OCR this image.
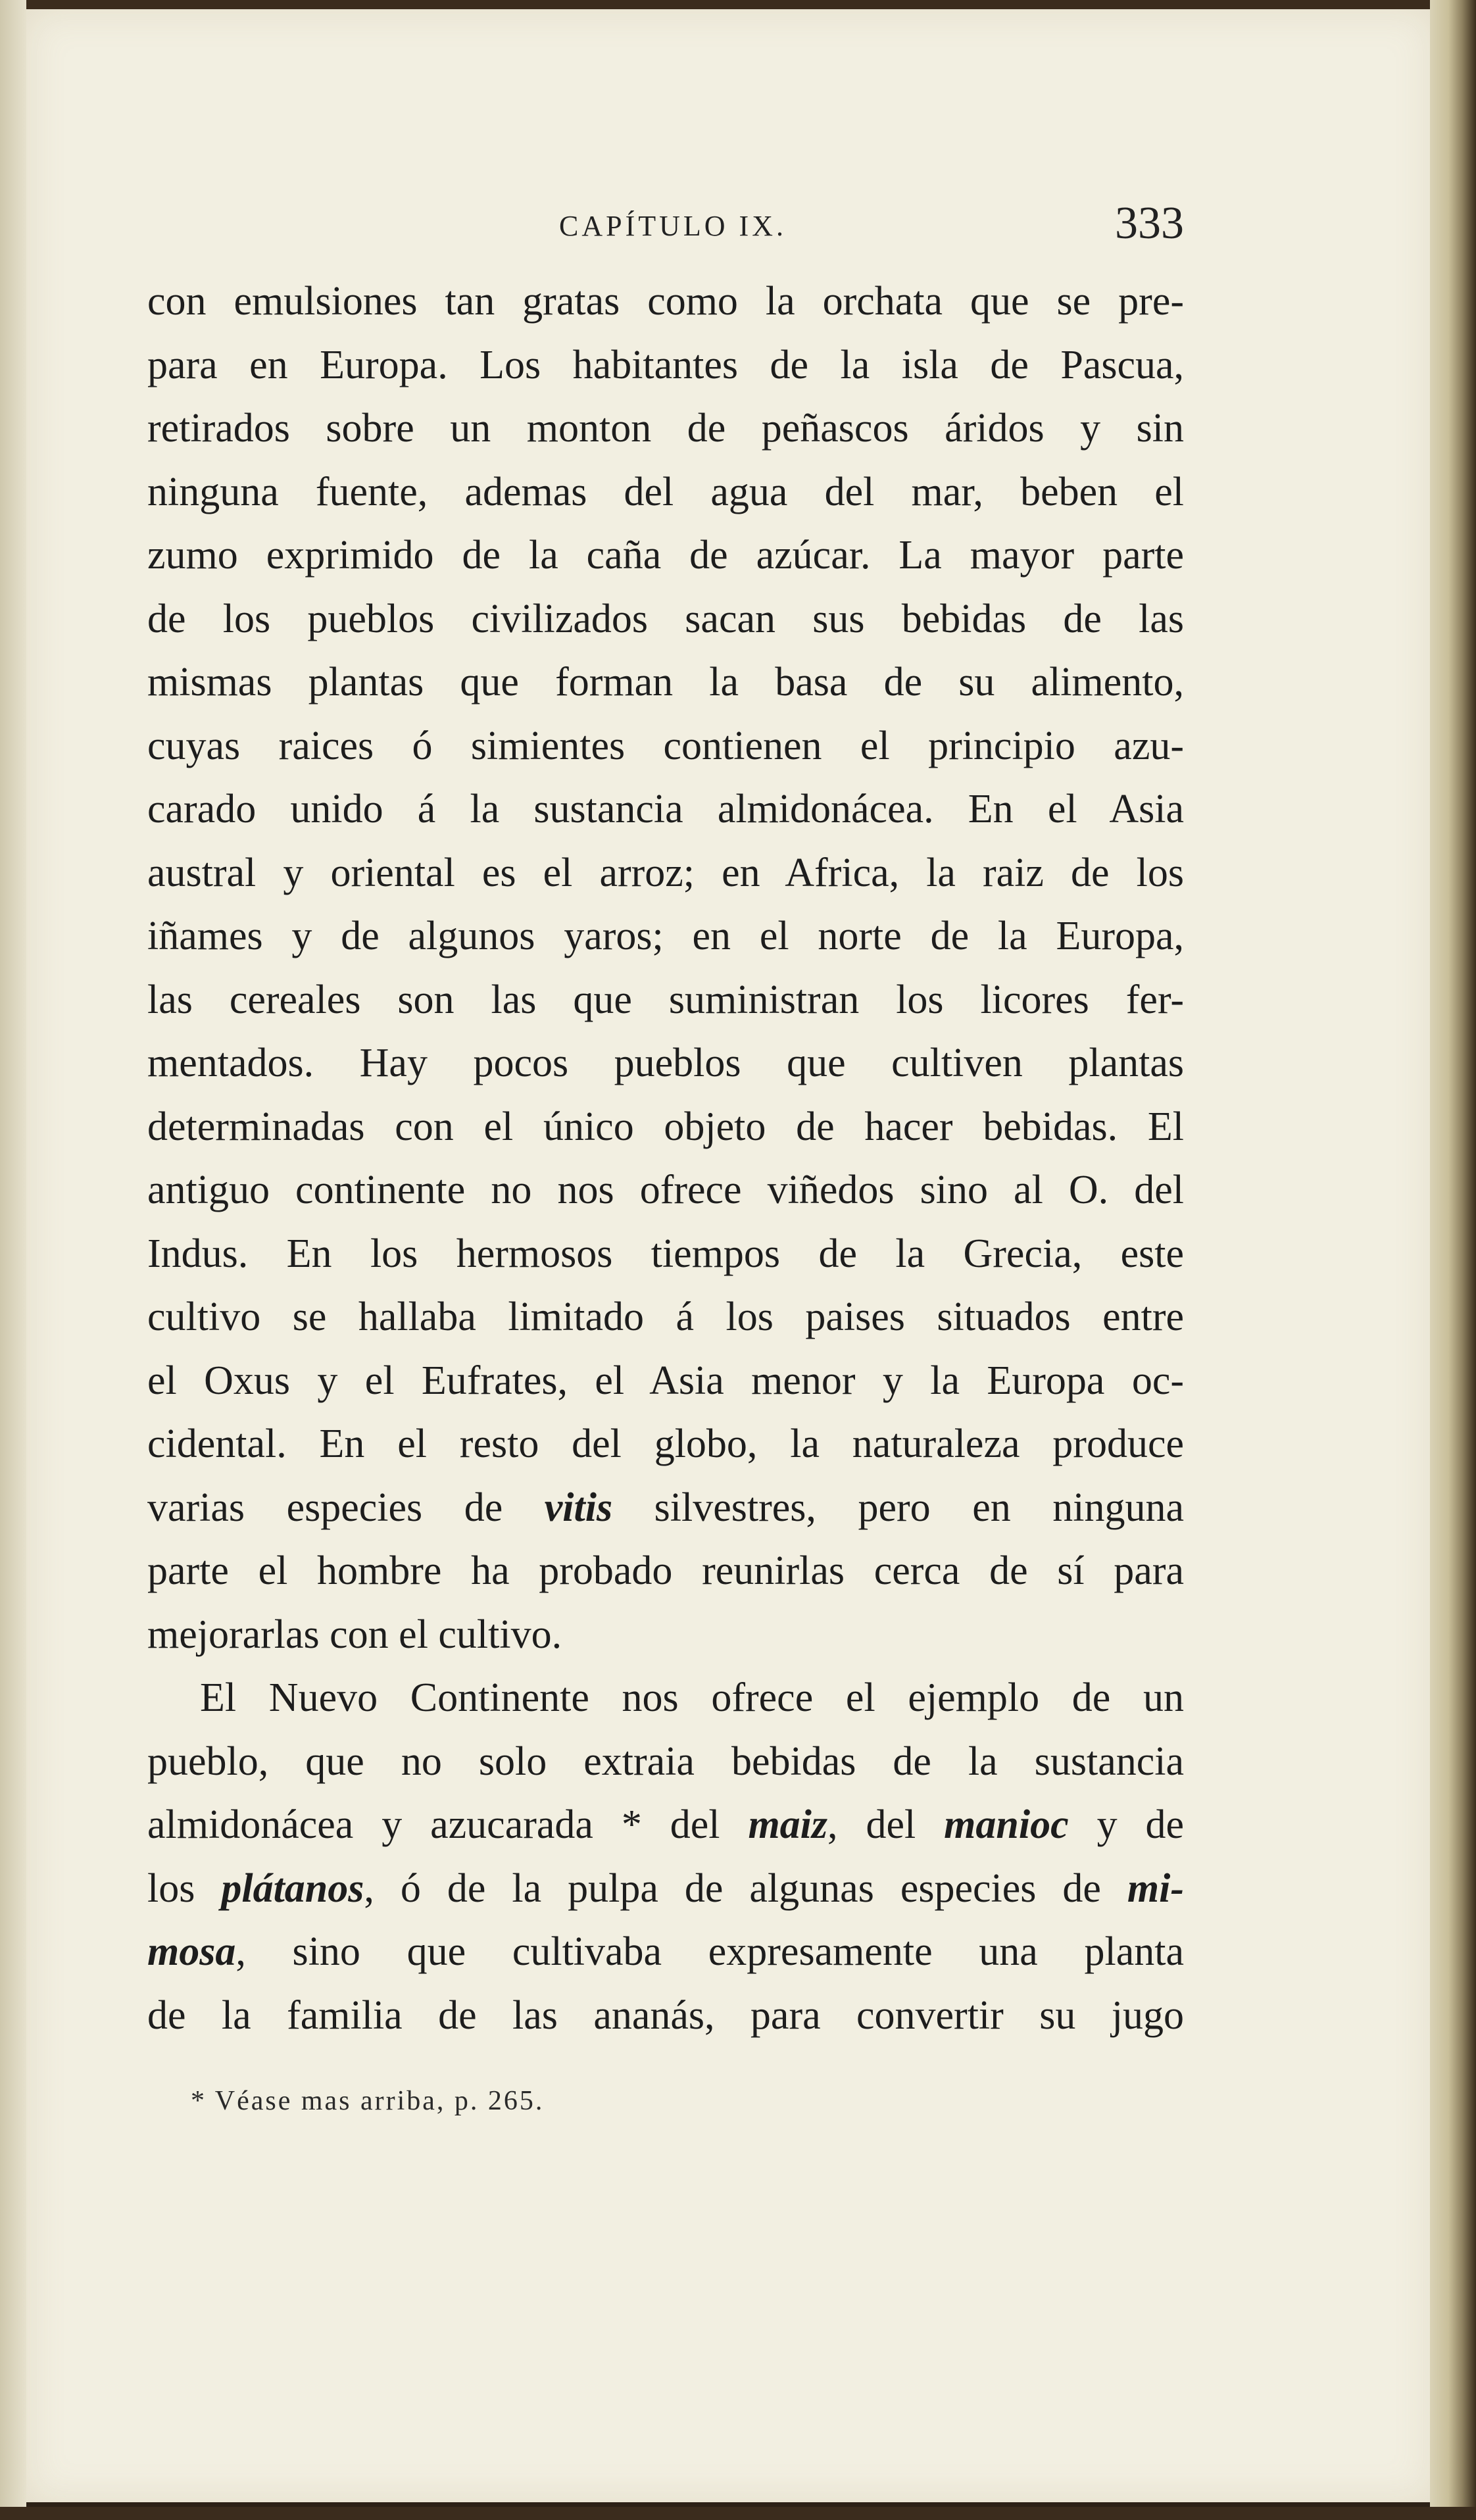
CAPÍTULO IX.	333
con emulsiones tan gratas como la orchata que se pre-
para en Europa. Los habitantes de la isla de Pascua,
retirados sobre un monton de peñascos áridos y sin
ninguna fuente, ademas del agua del mar, beben el
zumo exprimido de la caña de azúcar. La mayor parte
de los pueblos civilizados sacan sus bebidas de las
mismas plantas que forman la basa de su alimento,
cuyas raices ó simientes contienen el principio azu-
carado unido á la sustancia almidonácea. En el Asia
austral y oriental es el arroz; en Africa, la raiz de los
iñames y de algunos yaros; en el norte de la Europa,
las cereales son las que suministran los licores fer-
mentados. Hay pocos pueblos que cultiven plantas
determinadas con el único objeto de hacer bebidas. El
antiguo continente no nos ofrece viñedos sino al O. del
Indus. En los hermosos tiempos de la Grecia, este
cultivo se hallaba limitado á los paises situados entre
el Oxus y el Eufrates, el Asia menor y la Europa oc-
cidental. En el resto del globo, la naturaleza produce
varias especies de vitis silvestres, pero en ninguna
parte el hombre ha probado reunirlas cerca de sí para
mejorarlas con el cultivo.
El Nuevo Continente nos ofrece el ejemplo de un
pueblo, que no solo extraia bebidas de la sustancia
almidonácea y azucarada * del maiz, del manioc y de
los plátanos, ó de la pulpa de algunas especies de mi-
mosa, sino que cultivaba expresamente una planta
de la familia de las ananás, para convertir su jugo
* Véase mas arriba, p. 265.
